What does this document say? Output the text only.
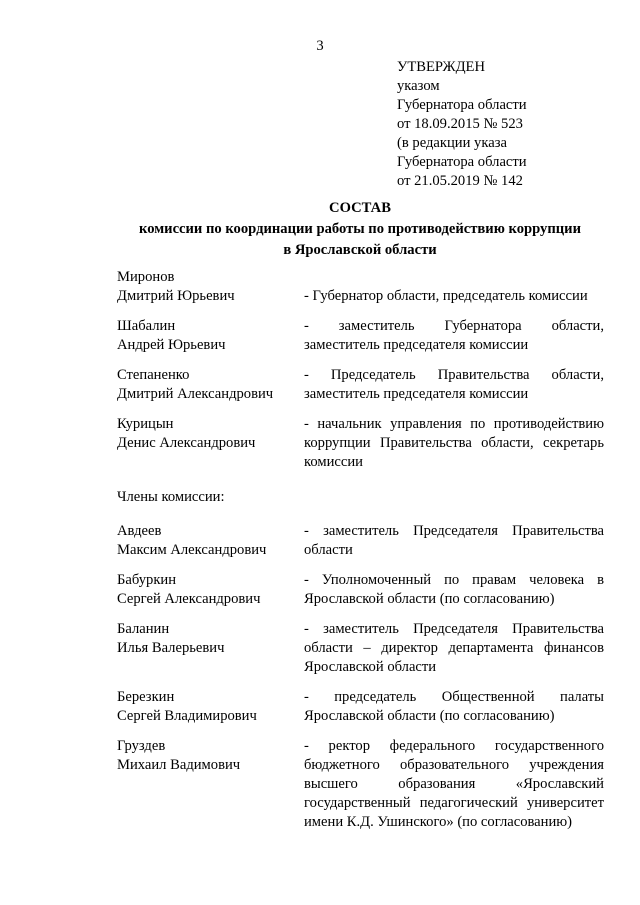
3
УТВЕРЖДЕН
указом
Губернатора области
от 18.09.2015 № 523
(в редакции указа
Губернатора области
от 21.05.2019 № 142
СОСТАВ
комиссии по координации работы по противодействию коррупции
в Ярославской области
Миронов
Дмитрий Юрьевич	- Губернатор области, председатель комиссии
Шабалин
Андрей Юрьевич
- заместитель Губернатора области, заместитель председателя комиссии
Степаненко
Дмитрий Александрович
- Председатель Правительства области, заместитель председателя комиссии
Курицын
Денис Александрович
- начальник управления по противодействию коррупции Правительства области, секретарь комиссии
Члены комиссии:
Авдеев
Максим Александрович
- заместитель Председателя Правительства области
Бабуркин
Сергей Александрович
- Уполномоченный по правам человека в Ярославской области (по согласованию)
Баланин
Илья Валерьевич
- заместитель Председателя Правительства области – директор департамента финансов Ярославской области
Березкин
Сергей Владимирович
- председатель Общественной палаты Ярославской области (по согласованию)
Груздев
Михаил Вадимович
- ректор федерального государственного бюджетного образовательного учреждения высшего образования «Ярославский государственный педагогический университет имени К.Д. Ушинского» (по согласованию)
